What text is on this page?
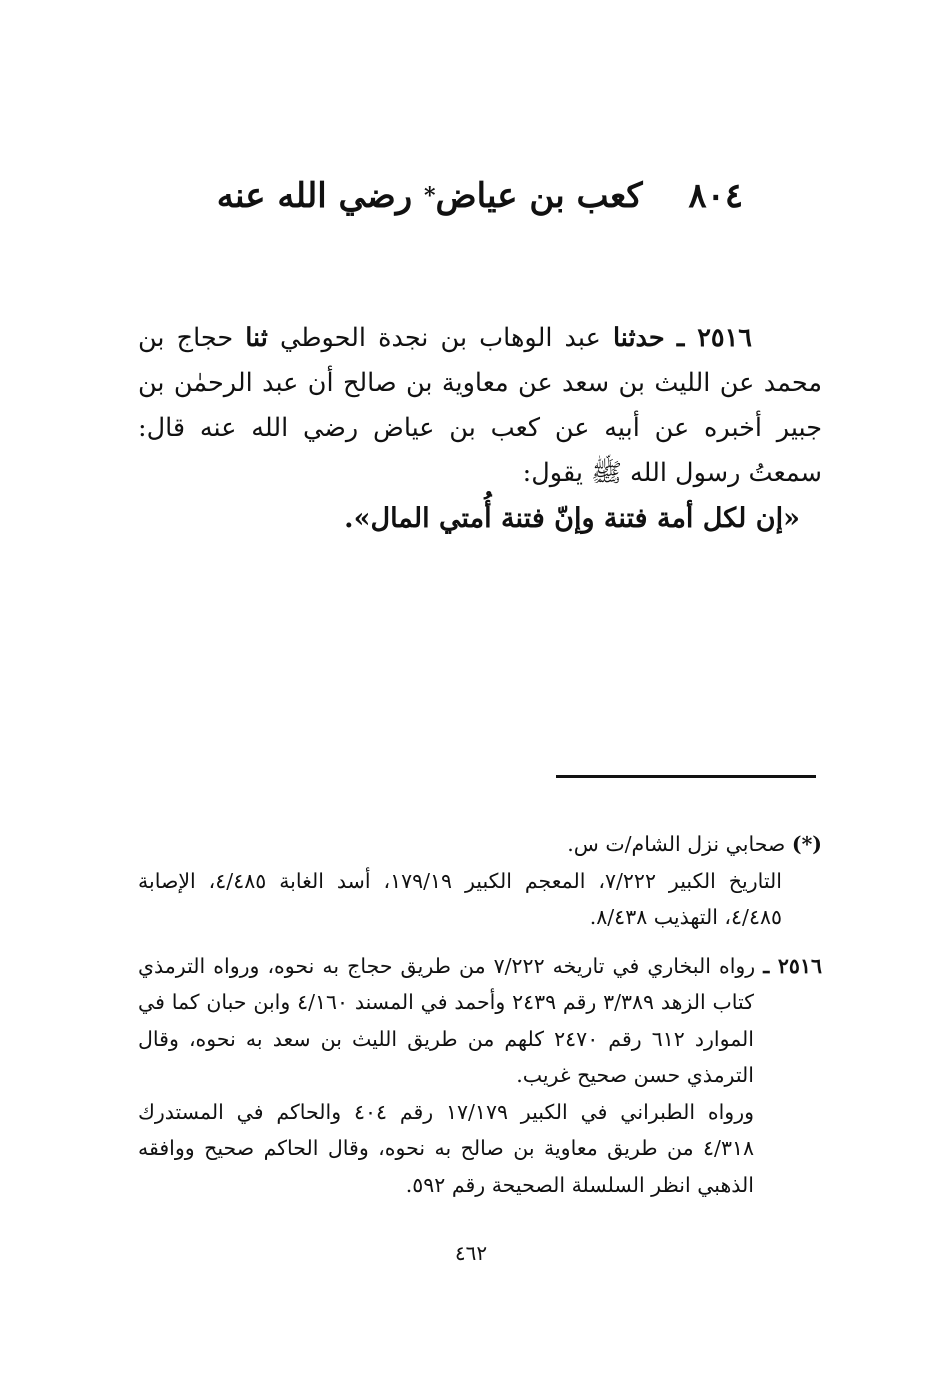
٨٠٤ كعب بن عياض* رضي الله عنه
٢٥١٦ ـ حدثنا عبد الوهاب بن نجدة الحوطي ثنا حجاج بن محمد عن الليث بن سعد عن معاوية بن صالح أن عبد الرحمٰن بن جبير أخبره عن أبيه عن كعب بن عياض رضي الله عنه قال: سمعتُ رسول الله ﷺ يقول:
«إن لكل أمة فتنة وإنّ فتنة أُمتي المال».
(*) صحابي نزل الشام/ت س.
التاريخ الكبير ٧/٢٢٢، المعجم الكبير ١٧٩/١٩، أسد الغابة ٤/٤٨٥، الإصابة ٤/٤٨٥، التهذيب ٨/٤٣٨.
٢٥١٦ ـ رواه البخاري في تاريخه ٧/٢٢٢ من طريق حجاج به نحوه، ورواه الترمذي كتاب الزهد ٣/٣٨٩ رقم ٢٤٣٩ وأحمد في المسند ٤/١٦٠ وابن حبان كما في الموارد ٦١٢ رقم ٢٤٧٠ كلهم من طريق الليث بن سعد به نحوه، وقال الترمذي حسن صحيح غريب.
ورواه الطبراني في الكبير ١٧/١٧٩ رقم ٤٠٤ والحاكم في المستدرك ٤/٣١٨ من طريق معاوية بن صالح به نحوه، وقال الحاكم صحيح ووافقه الذهبي انظر السلسلة الصحيحة رقم ٥٩٢.
٤٦٢
